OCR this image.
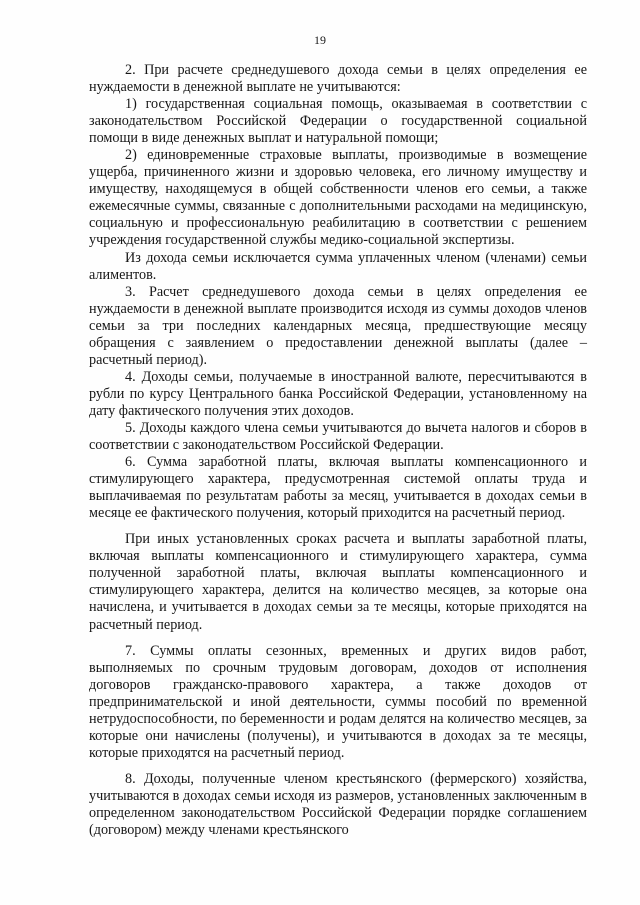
19

2. При расчете среднедушевого дохода семьи в целях определения ее нуждаемости в денежной выплате не учитываются:

1) государственная социальная помощь, оказываемая в соответствии с законодательством Российской Федерации о государственной социальной помощи в виде денежных выплат и натуральной помощи;

2) единовременные страховые выплаты, производимые в возмещение ущерба, причиненного жизни и здоровью человека, его личному имуществу и имуществу, находящемуся в общей собственности членов его семьи, а также ежемесячные суммы, связанные с дополнительными расходами на медицинскую, социальную и профессиональную реабилитацию в соответствии с решением учреждения государственной службы медико-социальной экспертизы.

Из дохода семьи исключается сумма уплаченных членом (членами) семьи алиментов.

3. Расчет среднедушевого дохода семьи в целях определения ее нуждаемости в денежной выплате производится исходя из суммы доходов членов семьи за три последних календарных месяца, предшествующие месяцу обращения с заявлением о предоставлении денежной выплаты (далее – расчетный период).

4. Доходы семьи, получаемые в иностранной валюте, пересчитываются в рубли по курсу Центрального банка Российской Федерации, установленному на дату фактического получения этих доходов.

5. Доходы каждого члена семьи учитываются до вычета налогов и сборов в соответствии с законодательством Российской Федерации.

6. Сумма заработной платы, включая выплаты компенсационного и стимулирующего характера, предусмотренная системой оплаты труда и выплачиваемая по результатам работы за месяц, учитывается в доходах семьи в месяце ее фактического получения, который приходится на расчетный период.

При иных установленных сроках расчета и выплаты заработной платы, включая выплаты компенсационного и стимулирующего характера, сумма полученной заработной платы, включая выплаты компенсационного и стимулирующего характера, делится на количество месяцев, за которые она начислена, и учитывается в доходах семьи за те месяцы, которые приходятся на расчетный период.

7. Суммы оплаты сезонных, временных и других видов работ, выполняемых по срочным трудовым договорам, доходов от исполнения договоров гражданско-правового характера, а также доходов от предпринимательской и иной деятельности, суммы пособий по временной нетрудоспособности, по беременности и родам делятся на количество месяцев, за которые они начислены (получены), и учитываются в доходах за те месяцы, которые приходятся на расчетный период.

8. Доходы, полученные членом крестьянского (фермерского) хозяйства, учитываются в доходах семьи исходя из размеров, установленных заключенным в определенном законодательством Российской Федерации порядке соглашением (договором) между членами крестьянского
